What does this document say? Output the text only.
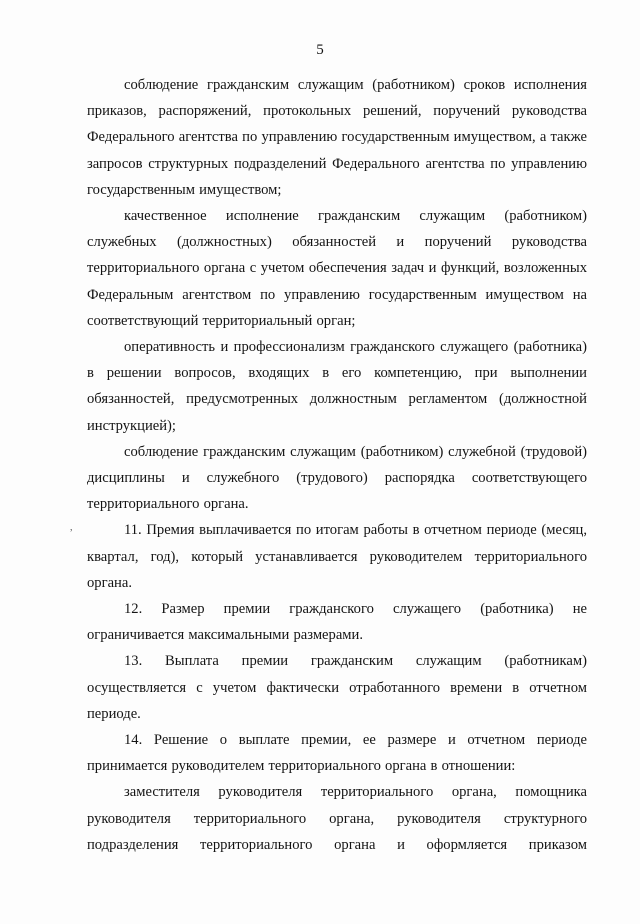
5

соблюдение гражданским служащим (работником) сроков исполнения приказов, распоряжений, протокольных решений, поручений руководства Федерального агентства по управлению государственным имуществом, а также запросов структурных подразделений Федерального агентства по управлению государственным имуществом;

качественное исполнение гражданским служащим (работником) служебных (должностных) обязанностей и поручений руководства территориального органа с учетом обеспечения задач и функций, возложенных Федеральным агентством по управлению государственным имуществом на соответствующий территориальный орган;

оперативность и профессионализм гражданского служащего (работника) в решении вопросов, входящих в его компетенцию, при выполнении обязанностей, предусмотренных должностным регламентом (должностной инструкцией);

соблюдение гражданским служащим (работником) служебной (трудовой) дисциплины и служебного (трудового) распорядка соответствующего территориального органа.

11. Премия выплачивается по итогам работы в отчетном периоде (месяц, квартал, год), который устанавливается руководителем территориального органа.

12. Размер премии гражданского служащего (работника) не ограничивается максимальными размерами.

13. Выплата премии гражданским служащим (работникам) осуществляется с учетом фактически отработанного времени в отчетном периоде.

14. Решение о выплате премии, ее размере и отчетном периоде принимается руководителем территориального органа в отношении:

заместителя руководителя территориального органа, помощника руководителя территориального органа, руководителя структурного подразделения территориального органа и оформляется приказом

,
